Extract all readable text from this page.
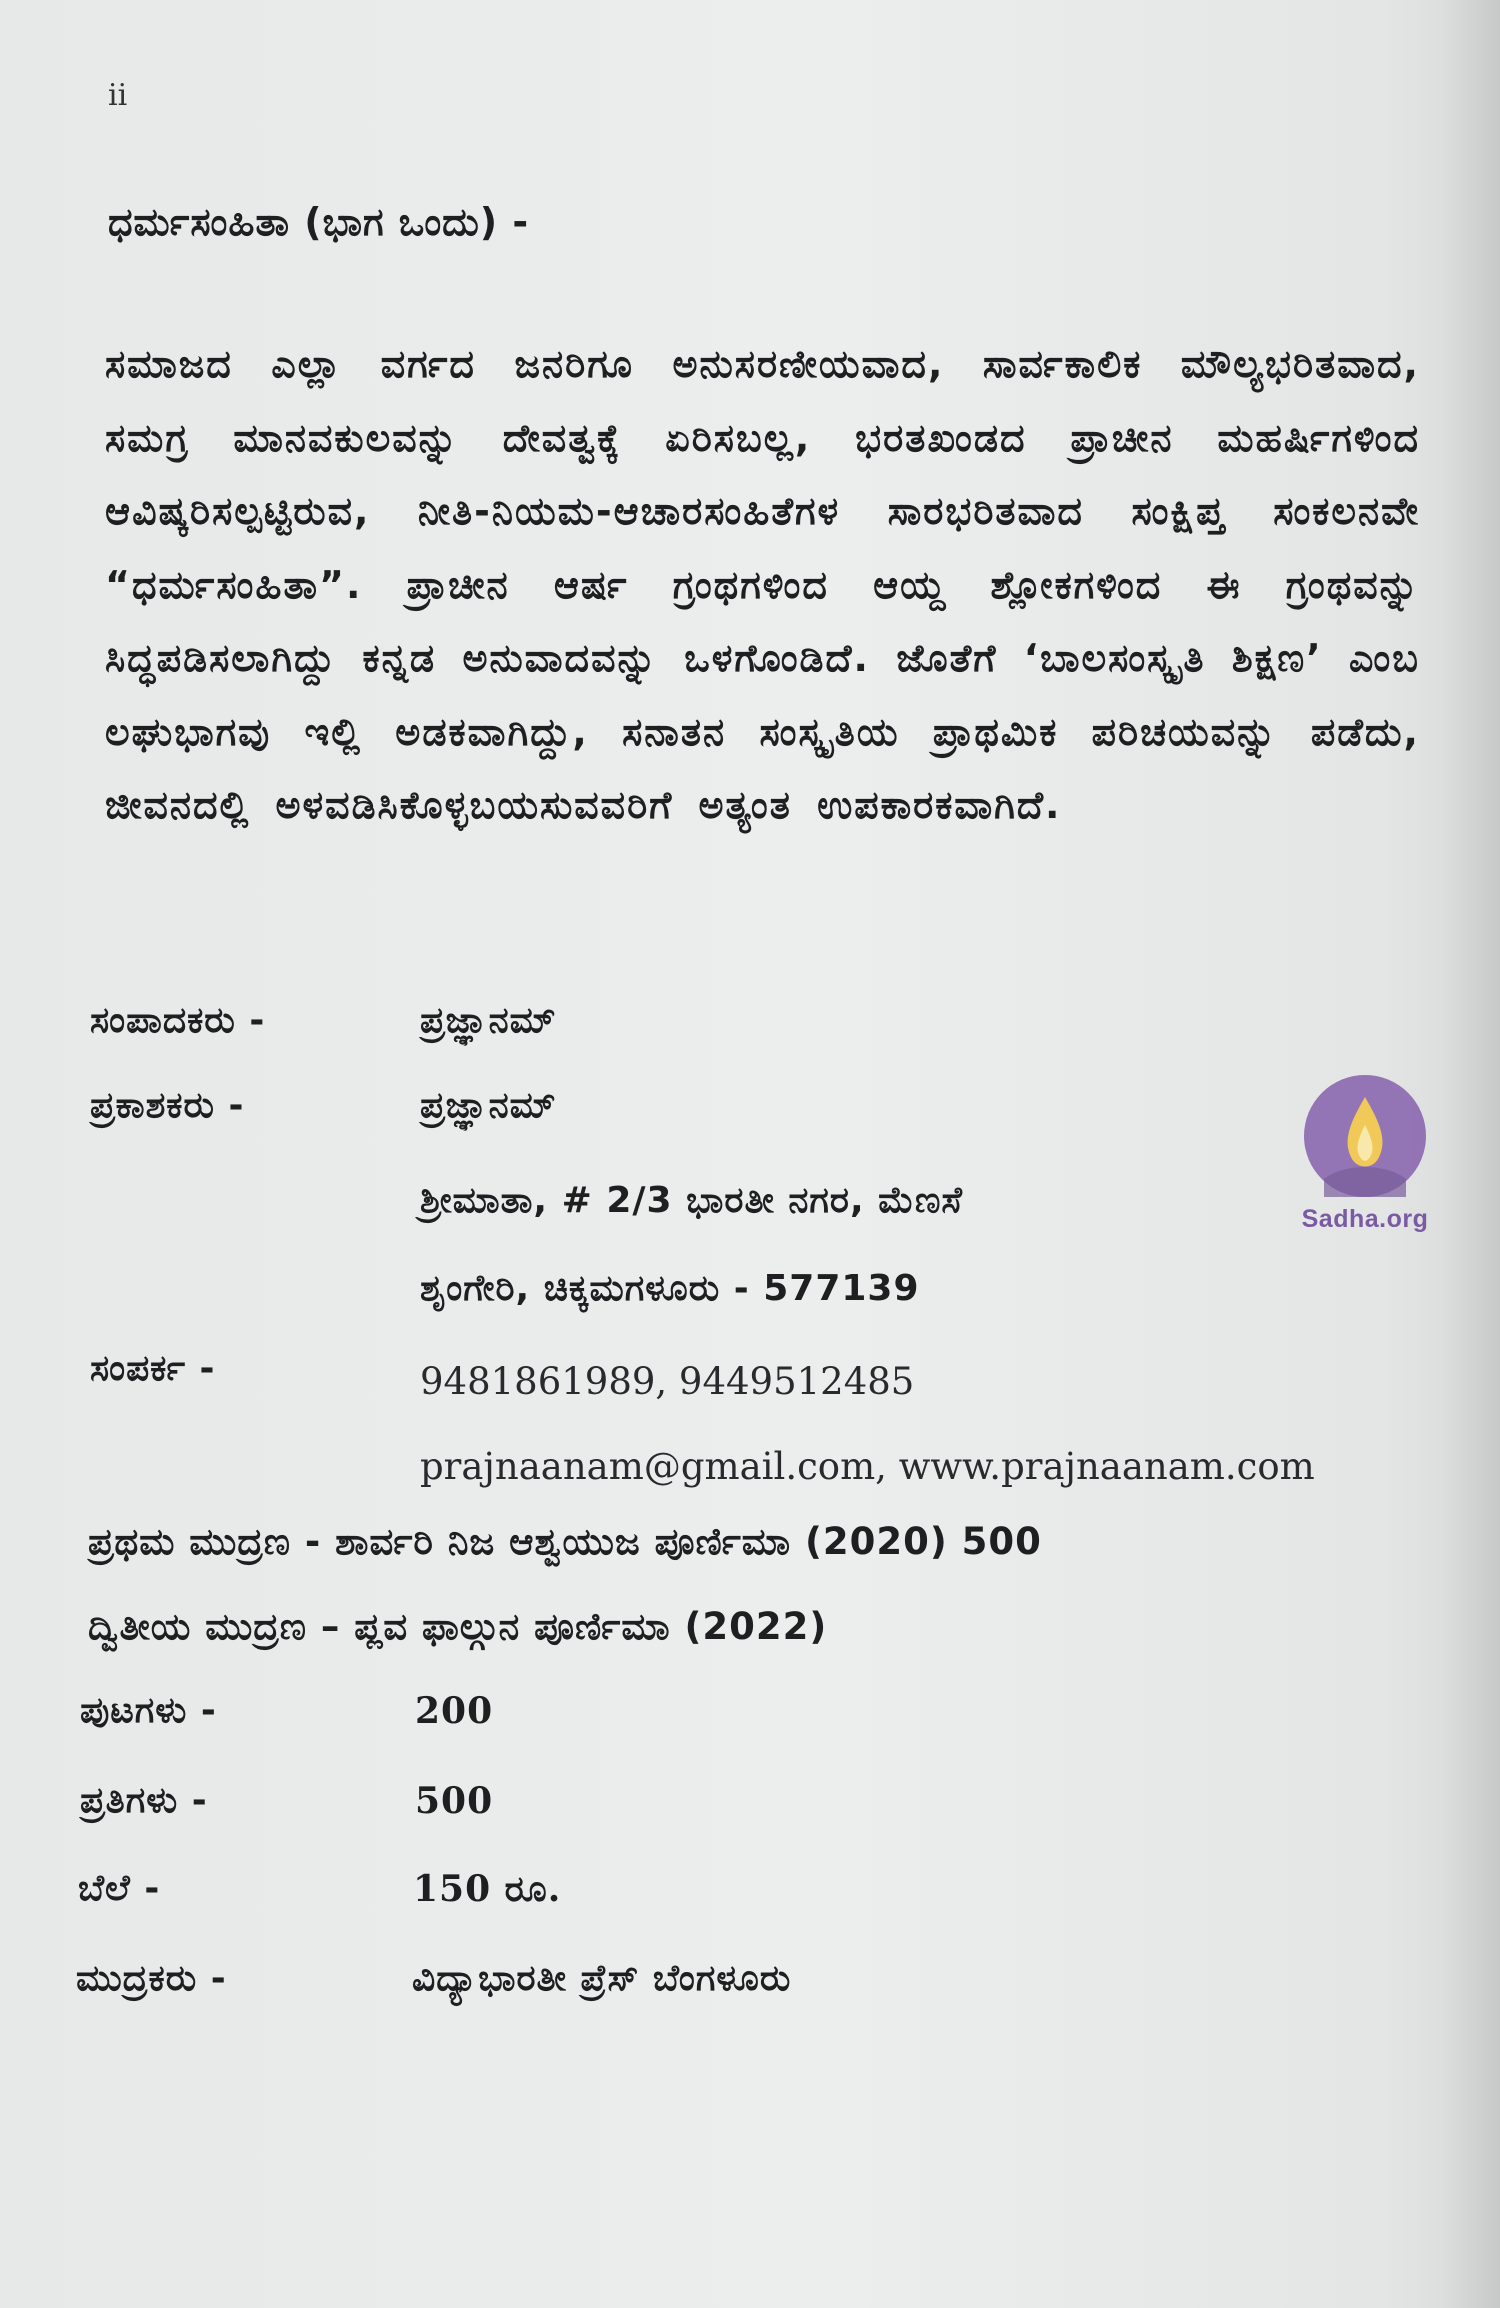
ii
ಧರ್ಮಸಂಹಿತಾ (ಭಾಗ ಒಂದು) -

ಸಮಾಜದ ಎಲ್ಲಾ ವರ್ಗದ ಜನರಿಗೂ ಅನುಸರಣೀಯವಾದ, ಸಾರ್ವಕಾಲಿಕ ಮೌಲ್ಯಭರಿತವಾದ, ಸಮಗ್ರ ಮಾನವಕುಲವನ್ನು ದೇವತ್ವಕ್ಕೆ ಏರಿಸಬಲ್ಲ, ಭರತಖಂಡದ ಪ್ರಾಚೀನ ಮಹರ್ಷಿಗಳಿಂದ ಆವಿಷ್ಕರಿಸಲ್ಪಟ್ಟಿರುವ, ನೀತಿ-ನಿಯಮ-ಆಚಾರಸಂಹಿತೆಗಳ ಸಾರಭರಿತವಾದ ಸಂಕ್ಷಿಪ್ತ ಸಂಕಲನವೇ “ಧರ್ಮಸಂಹಿತಾ”. ಪ್ರಾಚೀನ ಆರ್ಷ ಗ್ರಂಥಗಳಿಂದ ಆಯ್ದ ಶ್ಲೋಕಗಳಿಂದ ಈ ಗ್ರಂಥವನ್ನು ಸಿದ್ಧಪಡಿಸಲಾಗಿದ್ದು ಕನ್ನಡ ಅನುವಾದವನ್ನು ಒಳಗೊಂಡಿದೆ. ಜೊತೆಗೆ ‘ಬಾಲಸಂಸ್ಕೃತಿ ಶಿಕ್ಷಣ’ ಎಂಬ ಲಘುಭಾಗವು ಇಲ್ಲಿ ಅಡಕವಾಗಿದ್ದು, ಸನಾತನ ಸಂಸ್ಕೃತಿಯ ಪ್ರಾಥಮಿಕ ಪರಿಚಯವನ್ನು ಪಡೆದು, ಜೀವನದಲ್ಲಿ ಅಳವಡಿಸಿಕೊಳ್ಳಬಯಸುವವರಿಗೆ ಅತ್ಯಂತ ಉಪಕಾರಕವಾಗಿದೆ.

ಸಂಪಾದಕರು -	ಪ್ರಜ್ಞಾನಮ್
ಪ್ರಕಾಶಕರು -	ಪ್ರಜ್ಞಾನಮ್
ಶ್ರೀಮಾತಾ, # 2/3 ಭಾರತೀ ನಗರ, ಮೆಣಸೆ
ಶೃಂಗೇರಿ, ಚಿಕ್ಕಮಗಳೂರು - 577139
ಸಂಪರ್ಕ -	9481861989, 9449512485
prajnaanam@gmail.com, www.prajnaanam.com
ಪ್ರಥಮ ಮುದ್ರಣ - ಶಾರ್ವರಿ ನಿಜ ಆಶ್ವಯುಜ ಪೂರ್ಣಿಮಾ (2020) 500
ದ್ವಿತೀಯ ಮುದ್ರಣ – ಪ್ಲವ ಫಾಲ್ಗುನ ಪೂರ್ಣಿಮಾ (2022)
ಪುಟಗಳು -	200
ಪ್ರತಿಗಳು -	500
ಬೆಲೆ -	150 ರೂ.
ಮುದ್ರಕರು -	ವಿದ್ಯಾಭಾರತೀ ಪ್ರೆಸ್ ಬೆಂಗಳೂರು
Sadha.org
